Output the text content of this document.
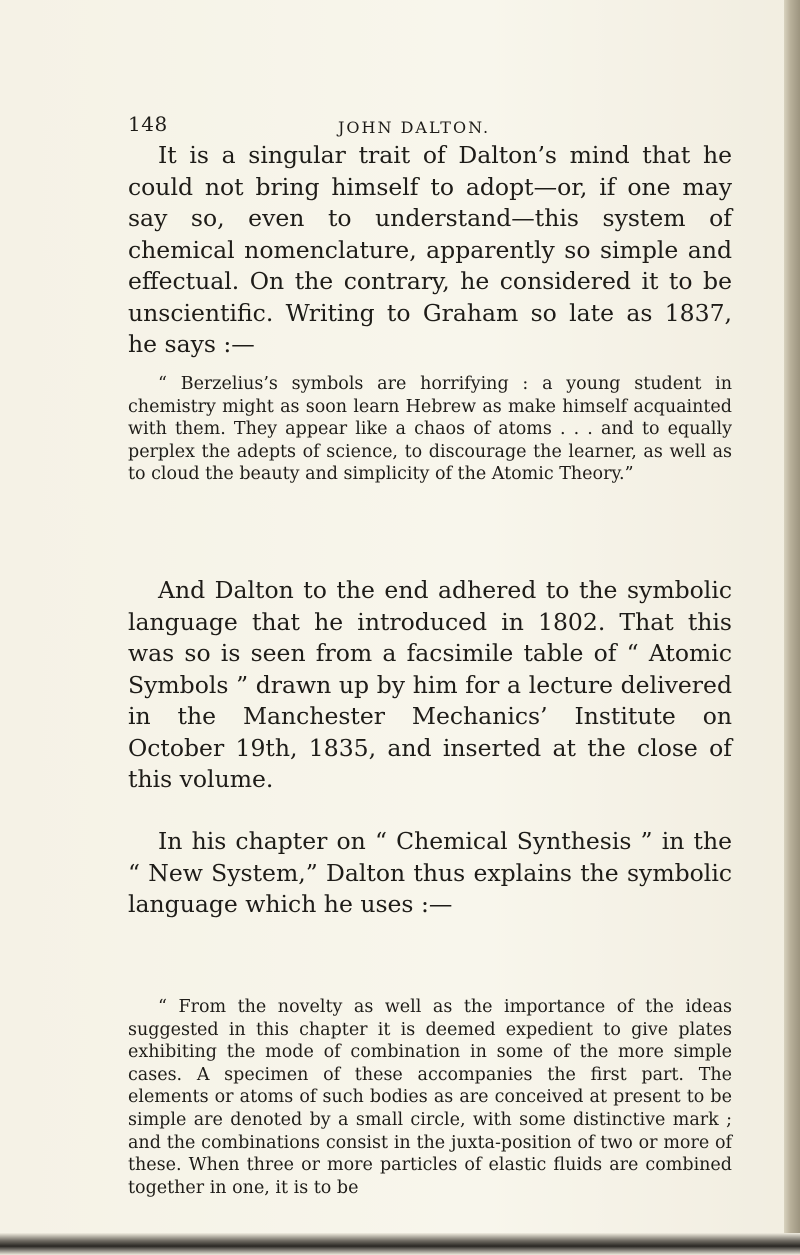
148	JOHN DALTON.

It is a singular trait of Dalton’s mind that he could not bring himself to adopt—or, if one may say so, even to understand—this system of chemical nomenclature, apparently so simple and effectual. On the contrary, he considered it to be unscientific. Writing to Graham so late as 1837, he says :—

“ Berzelius’s symbols are horrifying : a young student in chemistry might as soon learn Hebrew as make himself acquainted with them. They appear like a chaos of atoms . . . and to equally perplex the adepts of science, to discourage the learner, as well as to cloud the beauty and simplicity of the Atomic Theory.”

And Dalton to the end adhered to the symbolic language that he introduced in 1802. That this was so is seen from a facsimile table of “ Atomic Symbols ” drawn up by him for a lecture delivered in the Manchester Mechanics’ Institute on October 19th, 1835, and inserted at the close of this volume.

In his chapter on “ Chemical Synthesis ” in the “ New System,” Dalton thus explains the symbolic language which he uses :—

“ From the novelty as well as the importance of the ideas suggested in this chapter it is deemed expedient to give plates exhibiting the mode of combination in some of the more simple cases. A specimen of these accompanies the first part. The elements or atoms of such bodies as are conceived at present to be simple are denoted by a small circle, with some distinctive mark ; and the combinations consist in the juxta-position of two or more of these. When three or more particles of elastic fluids are combined together in one, it is to be
